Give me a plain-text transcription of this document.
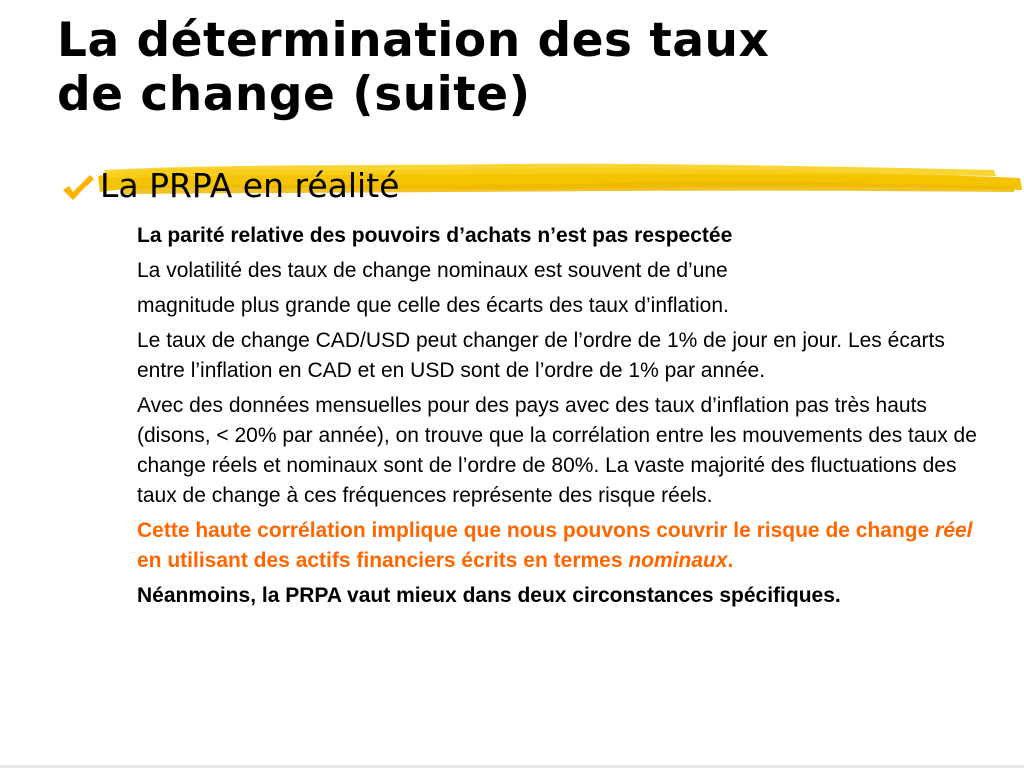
La détermination des taux
de change (suite)
La PRPA en réalité

La parité relative des pouvoirs d’achats n’est pas respectée

La volatilité des taux de change nominaux est souvent de d’une

magnitude plus grande que celle des écarts des taux d’inflation.

Le taux de change CAD/USD peut changer de l’ordre de 1% de jour en jour. Les écarts entre l’inflation en CAD et en USD sont de l’ordre de 1% par année.

Avec des données mensuelles pour des pays avec des taux d’inflation pas très hauts (disons, < 20% par année), on trouve que la corrélation entre les mouvements des taux de change réels et nominaux sont de l’ordre de 80%. La vaste majorité des fluctuations des taux de change à ces fréquences représente des risque réels.

Cette haute corrélation implique que nous pouvons couvrir le risque de change réel en utilisant des actifs financiers écrits en termes nominaux.

Néanmoins, la PRPA vaut mieux dans deux circonstances spécifiques.
